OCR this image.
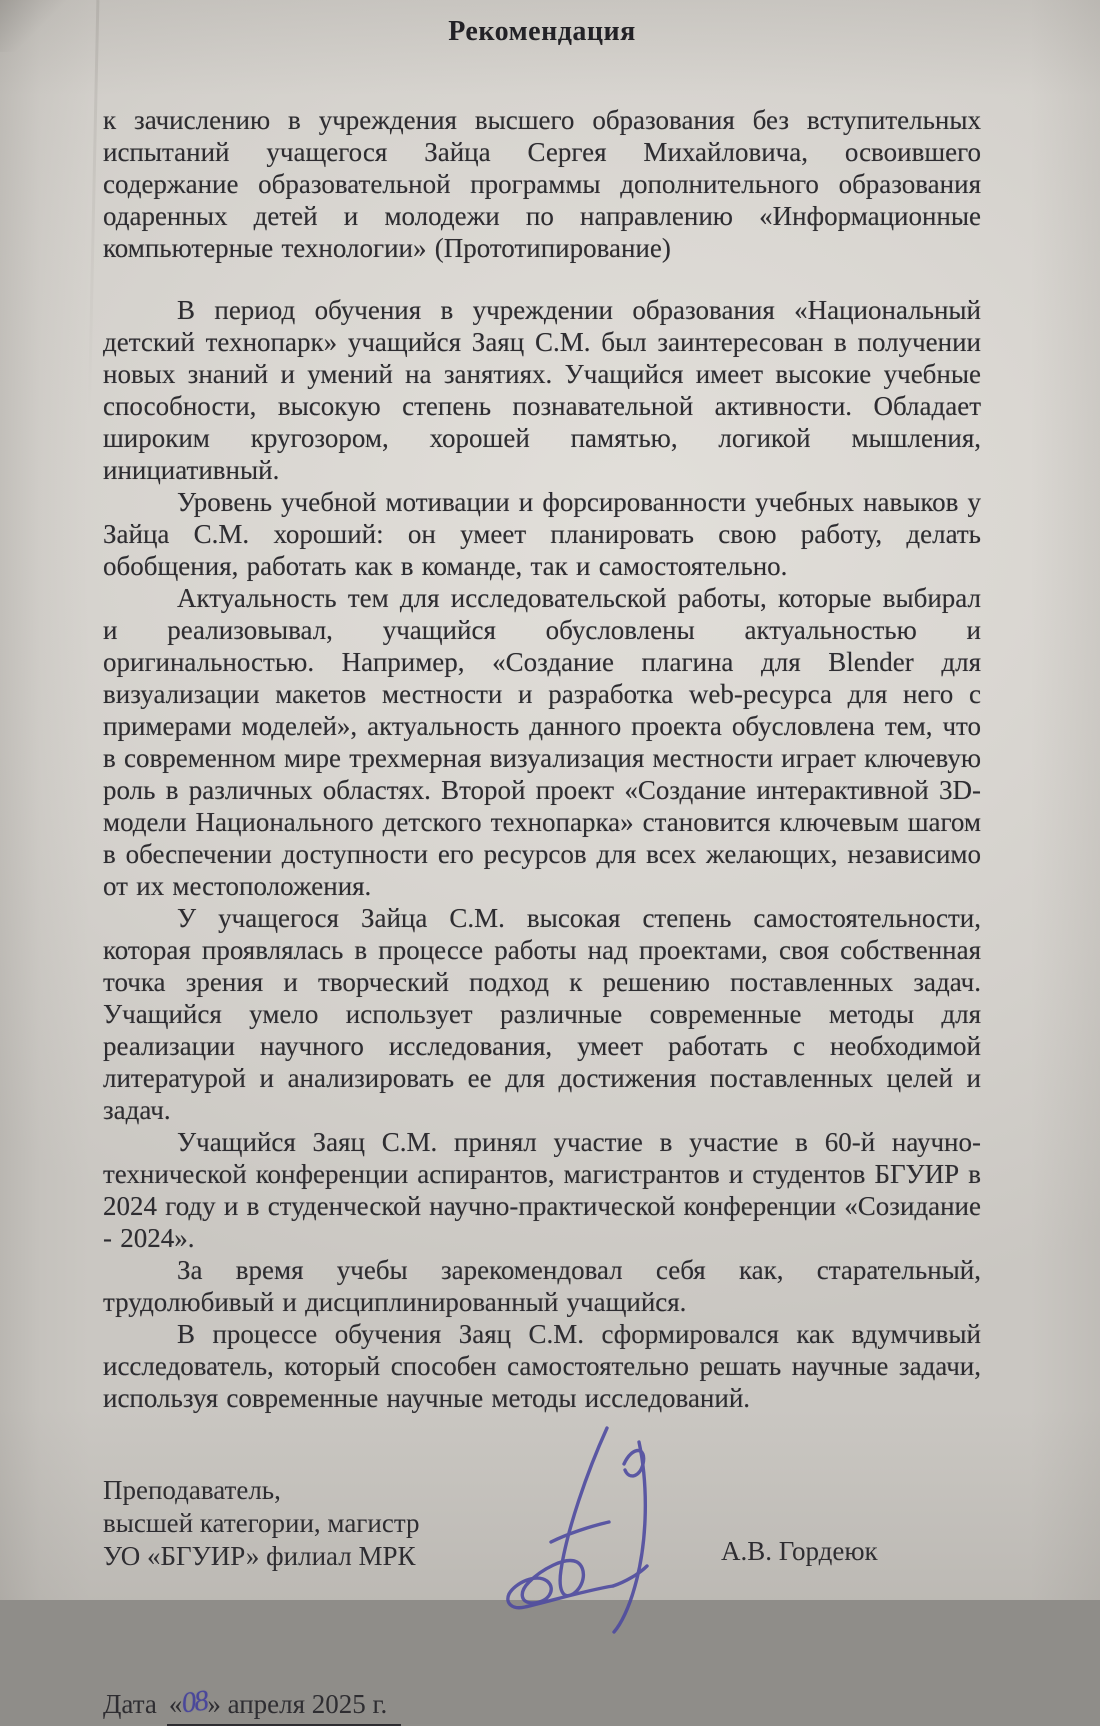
Рекомендация

к зачислению в учреждения высшего образования без вступительных испытаний учащегося Зайца Сергея Михайловича, освоившего содержание образовательной программы дополнительного образования одаренных детей и молодежи по направлению «Информационные компьютерные технологии» (Прототипирование)

В период обучения в учреждении образования «Национальный детский технопарк» учащийся Заяц С.М. был заинтересован в получении новых знаний и умений на занятиях. Учащийся имеет высокие учебные способности, высокую степень познавательной активности. Обладает широким кругозором, хорошей памятью, логикой мышления, инициативный.

Уровень учебной мотивации и форсированности учебных навыков у Зайца С.М. хороший: он умеет планировать свою работу, делать обобщения, работать как в команде, так и самостоятельно.

Актуальность тем для исследовательской работы, которые выбирал и реализовывал, учащийся обусловлены актуальностью и оригинальностью. Например, «Создание плагина для Blender для визуализации макетов местности и разработка web-ресурса для него с примерами моделей», актуальность данного проекта обусловлена тем, что в современном мире трехмерная визуализация местности играет ключевую роль в различных областях. Второй проект «Создание интерактивной 3D-модели Национального детского технопарка» становится ключевым шагом в обеспечении доступности его ресурсов для всех желающих, независимо от их местоположения.

У учащегося Зайца С.М. высокая степень самостоятельности, которая проявлялась в процессе работы над проектами, своя собственная точка зрения и творческий подход к решению поставленных задач. Учащийся умело использует различные современные методы для реализации научного исследования, умеет работать с необходимой литературой и анализировать ее для достижения поставленных целей и задач.

Учащийся Заяц С.М. принял участие в участие в 60-й научно-технической конференции аспирантов, магистрантов и студентов БГУИР в 2024 году и в студенческой научно-практической конференции «Созидание - 2024».

За время учебы зарекомендовал себя как, старательный, трудолюбивый и дисциплинированный учащийся.

В процессе обучения Заяц С.М. сформировался как вдумчивый исследователь, который способен самостоятельно решать научные задачи, используя современные научные методы исследований.

Преподаватель,
высшей категории, магистр
УО «БГУИР» филиал МРК	А.В. Гордеюк
Дата «08» апреля 2025 г.
